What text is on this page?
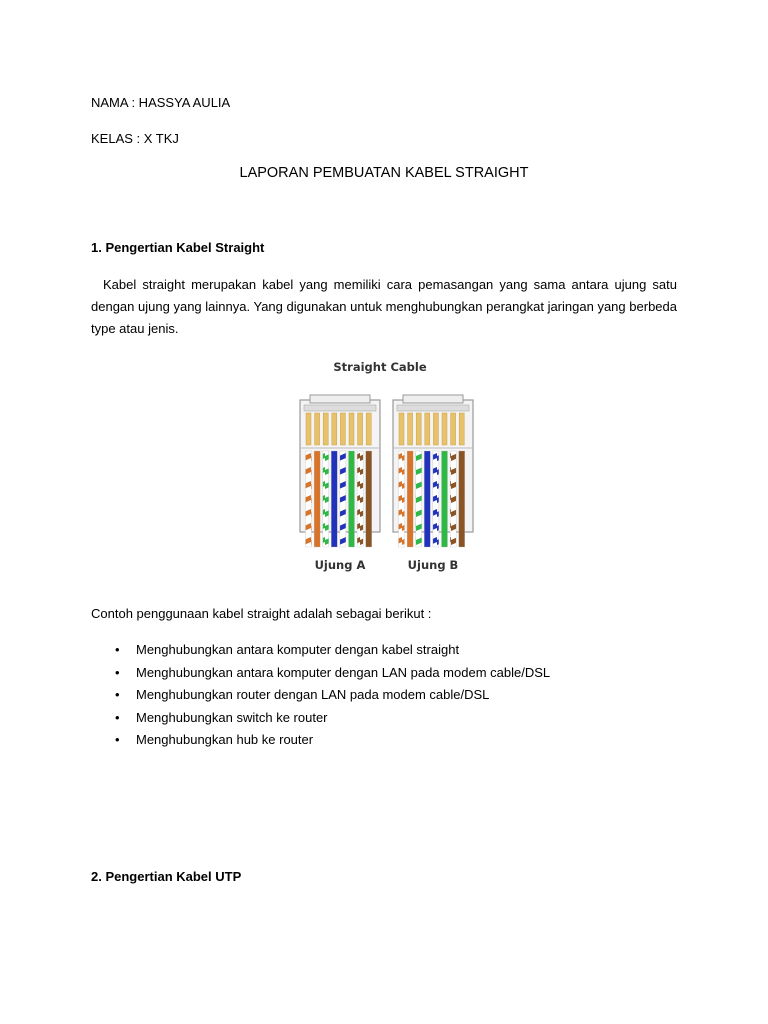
NAMA : HASSYA AULIA
KELAS : X TKJ
LAPORAN PEMBUATAN KABEL STRAIGHT
1. Pengertian Kabel Straight
Kabel straight merupakan kabel yang memiliki cara pemasangan yang sama antara ujung satu dengan ujung yang lainnya. Yang digunakan untuk menghubungkan perangkat jaringan yang berbeda type atau jenis.
Straight Cable
Ujung A	Ujung B
Contoh penggunaan kabel straight adalah sebagai berikut :
• Menghubungkan antara komputer dengan kabel straight
• Menghubungkan antara komputer dengan LAN pada modem cable/DSL
• Menghubungkan router dengan LAN pada modem cable/DSL
• Menghubungkan switch ke router
• Menghubungkan hub ke router
2. Pengertian Kabel UTP
